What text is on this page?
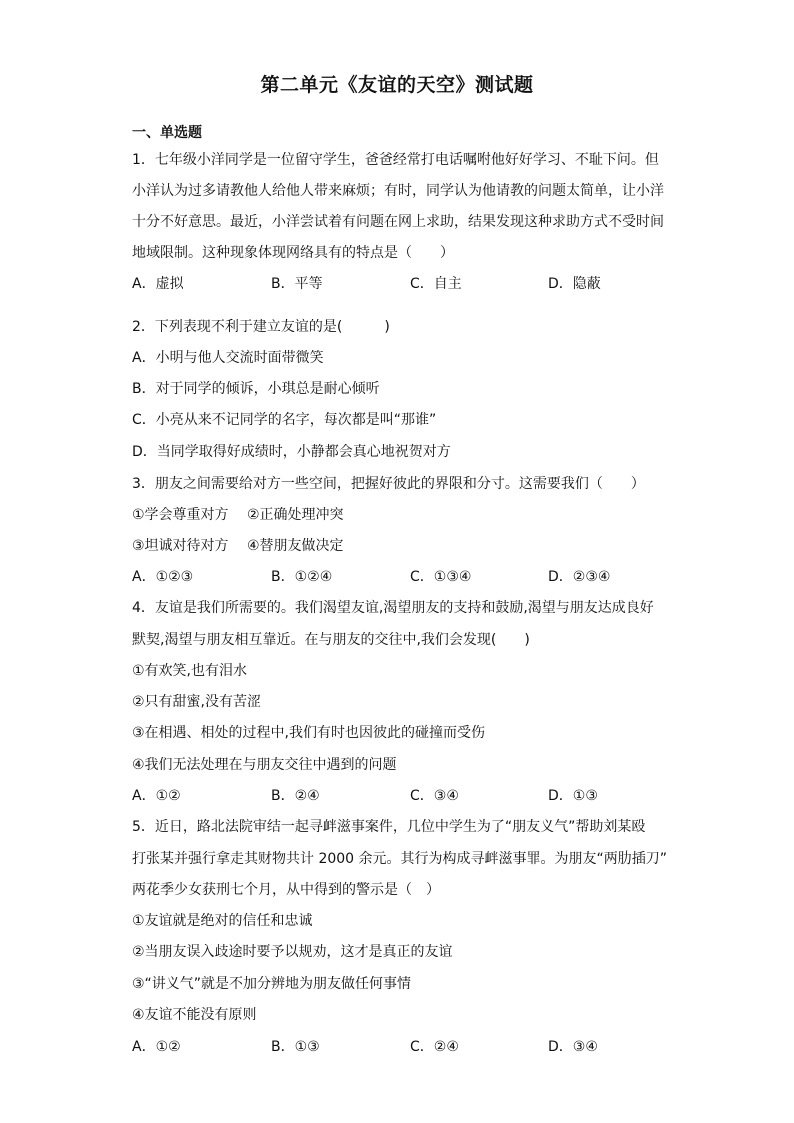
第二单元《友谊的天空》测试题
一、单选题
1．七年级小洋同学是一位留守学生，爸爸经常打电话嘱咐他好好学习、不耻下问。但
小洋认为过多请教他人给他人带来麻烦；有时，同学认为他请教的问题太简单，让小洋
十分不好意思。最近，小洋尝试着有问题在网上求助，结果发现这种求助方式不受时间
地域限制。这种现象体现网络具有的特点是（　　）
A．虚拟	B．平等	C．自主	D．隐蔽
2．下列表现不利于建立友谊的是(　　　)
A．小明与他人交流时面带微笑
B．对于同学的倾诉，小琪总是耐心倾听
C．小亮从来不记同学的名字，每次都是叫“那谁”
D．当同学取得好成绩时，小静都会真心地祝贺对方
3．朋友之间需要给对方一些空间，把握好彼此的界限和分寸。这需要我们（　　）
①学会尊重对方　 ②正确处理冲突
③坦诚对待对方　 ④替朋友做决定
A．①②③	B．①②④	C．①③④	D．②③④
4．友谊是我们所需要的。我们渴望友谊,渴望朋友的支持和鼓励,渴望与朋友达成良好
默契,渴望与朋友相互靠近。在与朋友的交往中,我们会发现(　　)
①有欢笑,也有泪水
②只有甜蜜,没有苦涩
③在相遇、相处的过程中,我们有时也因彼此的碰撞而受伤
④我们无法处理在与朋友交往中遇到的问题
A．①②	B．②④	C．③④	D．①③
5．近日，路北法院审结一起寻衅滋事案件，几位中学生为了“朋友义气”帮助刘某殴
打张某并强行拿走其财物共计 2000 余元。其行为构成寻衅滋事罪。为朋友“两肋插刀”
两花季少女获刑七个月，从中得到的警示是（　）
①友谊就是绝对的信任和忠诚
②当朋友误入歧途时要予以规劝，这才是真正的友谊
③“讲义气”就是不加分辨地为朋友做任何事情
④友谊不能没有原则
A．①②	B．①③	C．②④	D．③④
